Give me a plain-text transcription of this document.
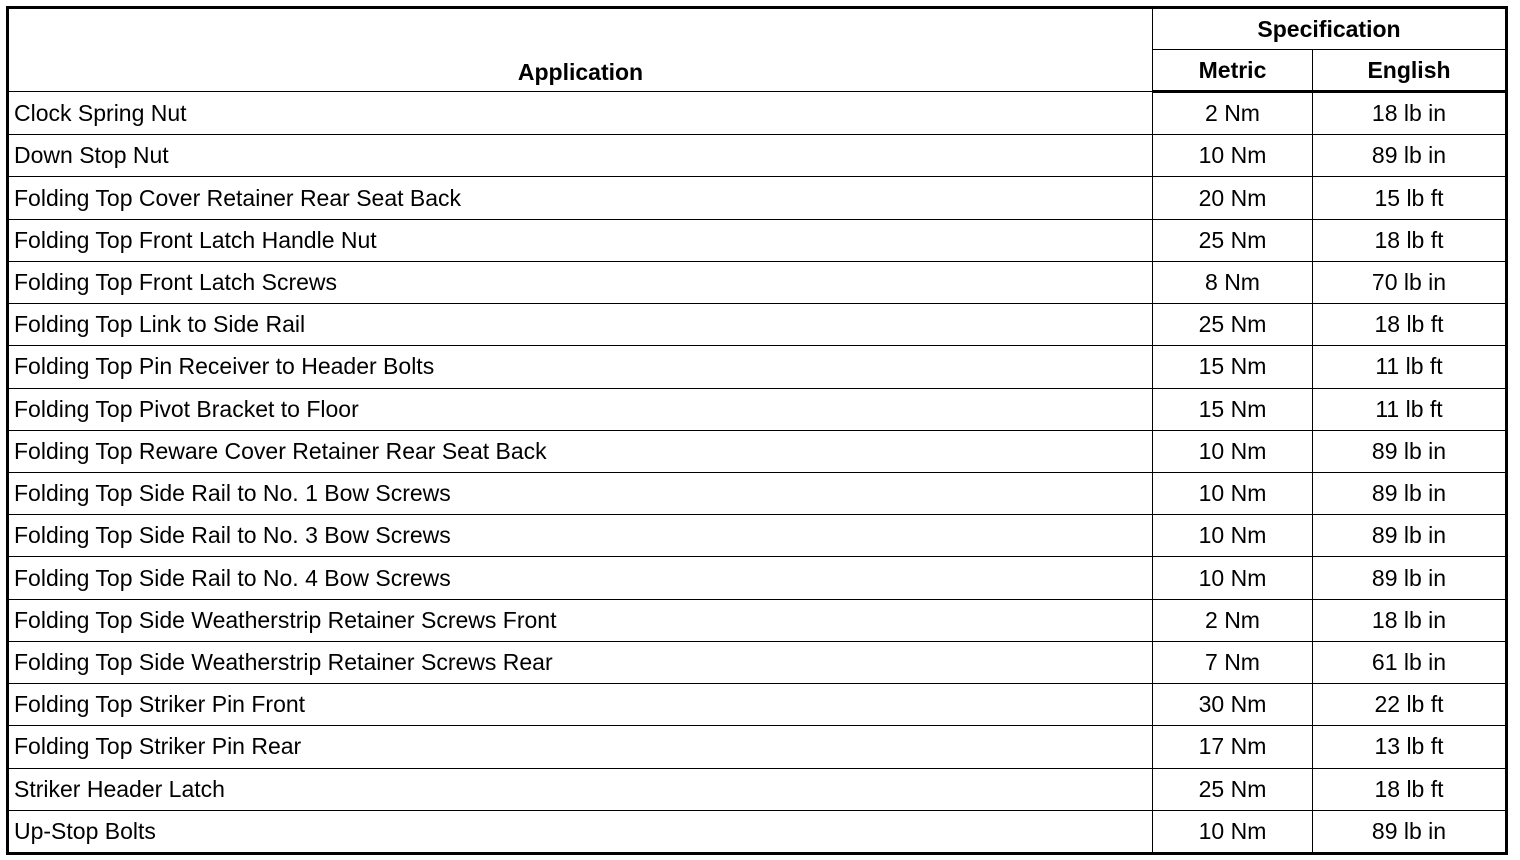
Application	Specification	
	Metric	English
Clock Spring Nut	2 Nm	18 lb in
Down Stop Nut	10 Nm	89 lb in
Folding Top Cover Retainer Rear Seat Back	20 Nm	15 lb ft
Folding Top Front Latch Handle Nut	25 Nm	18 lb ft
Folding Top Front Latch Screws	8 Nm	70 lb in
Folding Top Link to Side Rail	25 Nm	18 lb ft
Folding Top Pin Receiver to Header Bolts	15 Nm	11 lb ft
Folding Top Pivot Bracket to Floor	15 Nm	11 lb ft
Folding Top Reware Cover Retainer Rear Seat Back	10 Nm	89 lb in
Folding Top Side Rail to No. 1 Bow Screws	10 Nm	89 lb in
Folding Top Side Rail to No. 3 Bow Screws	10 Nm	89 lb in
Folding Top Side Rail to No. 4 Bow Screws	10 Nm	89 lb in
Folding Top Side Weatherstrip Retainer Screws Front	2 Nm	18 lb in
Folding Top Side Weatherstrip Retainer Screws Rear	7 Nm	61 lb in
Folding Top Striker Pin Front	30 Nm	22 lb ft
Folding Top Striker Pin Rear	17 Nm	13 lb ft
Striker Header Latch	25 Nm	18 lb ft
Up-Stop Bolts	10 Nm	89 lb in
